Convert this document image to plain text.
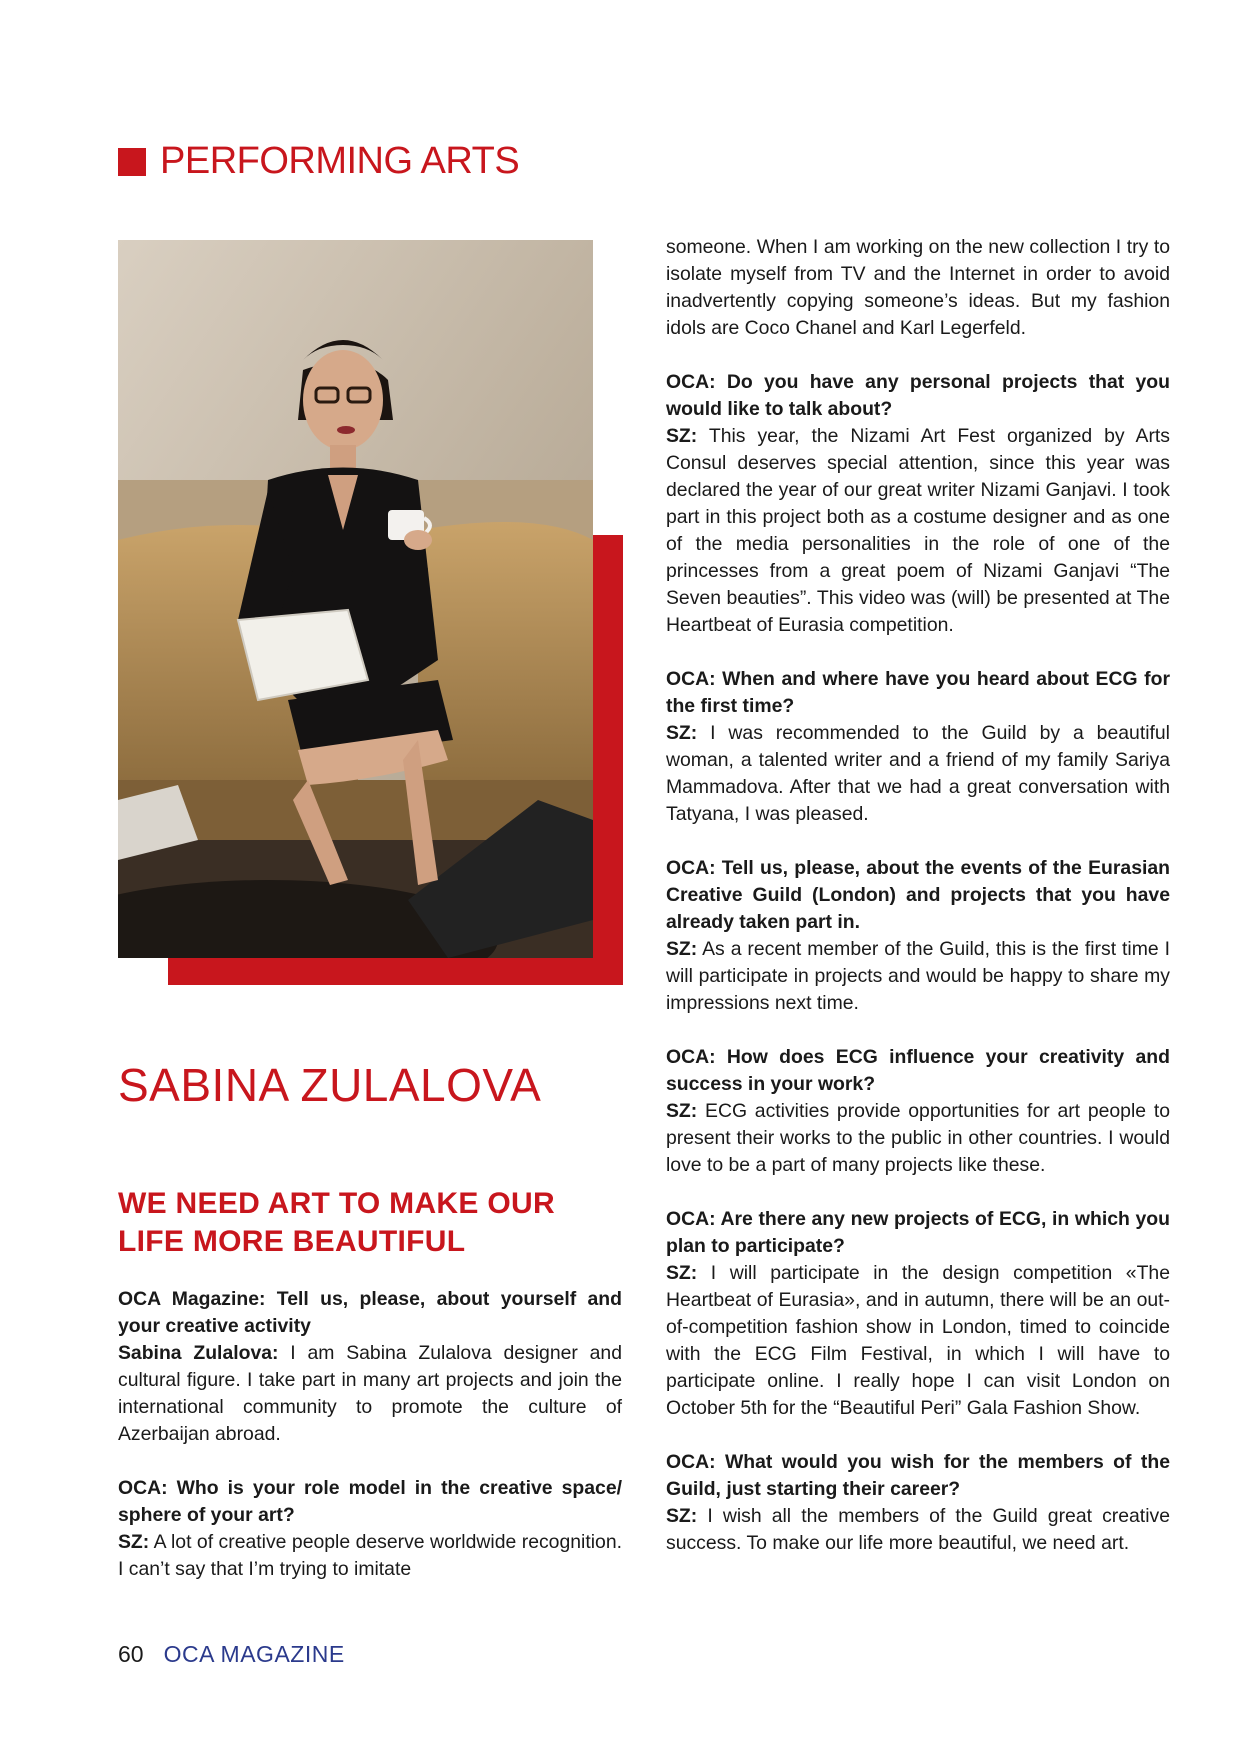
PERFORMING ARTS
SABINA ZULALOVA
WE NEED ART TO MAKE OUR LIFE MORE BEAUTIFUL

OCA Magazine: Tell us, please, about yourself and your creative activity
Sabina Zulalova: I am Sabina Zulalova designer and cultural figure. I take part in many art projects and join the international community to promote the culture of Azerbaijan abroad.

OCA: Who is your role model in the creative space/ sphere of your art?
SZ: A lot of creative people deserve worldwide recognition. I can’t say that I’m trying to imitate

someone. When I am working on the new collection I try to isolate myself from TV and the Internet in order to avoid inadvertently copying someone’s ideas. But my fashion idols are Coco Chanel and Karl Legerfeld.

OCA: Do you have any personal projects that you would like to talk about?
SZ: This year, the Nizami Art Fest organized by Arts Consul deserves special attention, since this year was declared the year of our great writer Nizami Ganjavi. I took part in this project both as a costume designer and as one of the media personalities in the role of one of the princesses from a great poem of Nizami Ganjavi “The Seven beauties”. This video was (will) be presented at The Heartbeat of Eurasia competition.

OCA: When and where have you heard about ECG for the first time?
SZ: I was recommended to the Guild by a beautiful woman, a talented writer and a friend of my family Sariya Mammadova. After that we had a great conversation with Tatyana, I was pleased.

OCA: Tell us, please, about the events of the Eurasian Creative Guild (London) and projects that you have already taken part in.
SZ: As a recent member of the Guild, this is the first time I will participate in projects and would be happy to share my impressions next time.

OCA: How does ECG influence your creativity and success in your work?
SZ: ECG activities provide opportunities for art people to present their works to the public in other countries. I would love to be a part of many projects like these.

OCA: Are there any new projects of ECG, in which you plan to participate?
SZ: I will participate in the design competition «The Heartbeat of Eurasia», and in autumn, there will be an out-of-competition fashion show in London, timed to coincide with the ECG Film Festival, in which I will have to participate online. I really hope I can visit London on October 5th for the “Beautiful Peri” Gala Fashion Show.

OCA: What would you wish for the members of the Guild, just starting their career?
SZ: I wish all the members of the Guild great creative success. To make our life more beautiful, we need art.

60 OCA MAGAZINE
